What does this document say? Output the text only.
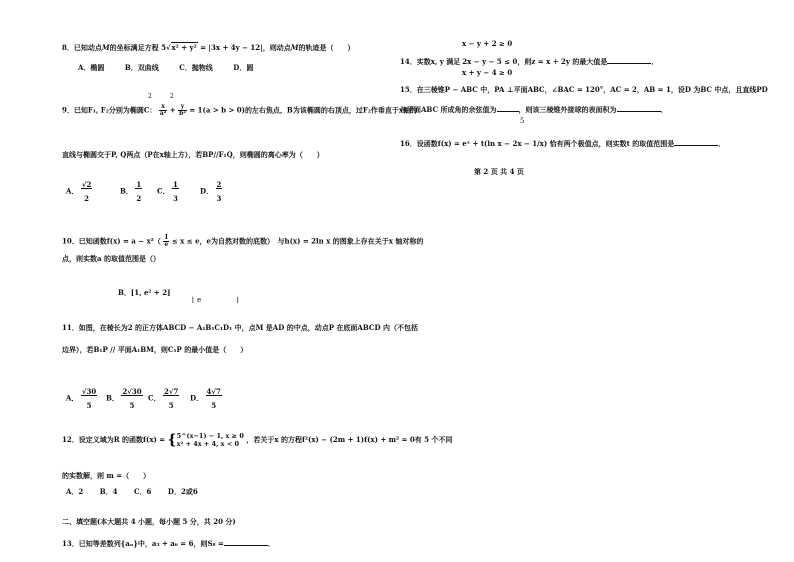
8．已知动点M的坐标满足方程 5√x² + y² = |3x + 4y − 12|，则动点M的轨迹是（　　）
A．椭圆	B．双曲线	C．抛物线	D．圆
2　　　2
9．已知F₁, F₂分别为椭圆C： $\frac{x}{\text{a²}} + \frac{y}{\text{b²}} = 1(a > b > 0)$的左右焦点，B为该椭圆的右顶点，过F₂作垂直于x轴的
直线与椭圆交于P, Q两点（P在x轴上方），若BP//F₁Q，则椭圆的离心率为（　　）
A． $\frac{√2}{2}$	B． $\frac{1}{2}$ C． $\frac{1}{3}$	D． $\frac{2}{3}$
10．已知函数$f(x) = a - x^2( \frac{1}{e} \le x \le e$，e为自然对数的底数）　与h(x) = 2ln x 的图象上存在关于x 轴对称的
点，则实数a 的取值范围是（）
B．[1, e² + 2]
⌊ e	⌋
11．如图，在棱长为2 的正方体ABCD − A₁B₁C₁D₁ 中，点M 是AD 的中点，动点P 在底面ABCD 内（不包括
边界），若B₁P // 平面A₁BM，则C₁P 的最小值是（　　）
A． $\frac{√30}{5}$ B． $\frac{2√30}{5}$ C． $\frac{2√7}{5}$ D． $\frac{4√7}{5}$
12．设定义域为R 的函数f(x) = {5^(x−1) − 1, x ≥ 0
x² + 4x + 4, x < 0 ，若关于x 的方程f²(x) − (2m + 1)f(x) + m² = 0有 5 个不同
的实数解，则 m =（　　）
A．2 B．4 C．6 D．2或6
二、填空题(本大题共 4 小题，每小题 5 分，共 20 分)
13．已知等差数列{aₙ}中，a₃ + a₆ = 6，则S₈ =	．
x − y + 2 ≥ 0
14．实数x, y 满足 2x − y − 5 ≤ 0，则z = x + 2y 的最大值是	．
x + y − 4 ≥ 0
15．在三棱锥P − ABC 中，PA ⊥平面ABC，∠BAC = 120°，AC = 2，AB = 1，设D 为BC 中点，且直线PD
与平面ABC 所成角的余弦值为	，则该三棱锥外接球的表面积为	．
5
16．设函数f(x) = eˣ + t(ln x − 2x − 1/x) 恰有两个极值点，则实数t 的取值范围是	．
第 2 页 共 4 页
